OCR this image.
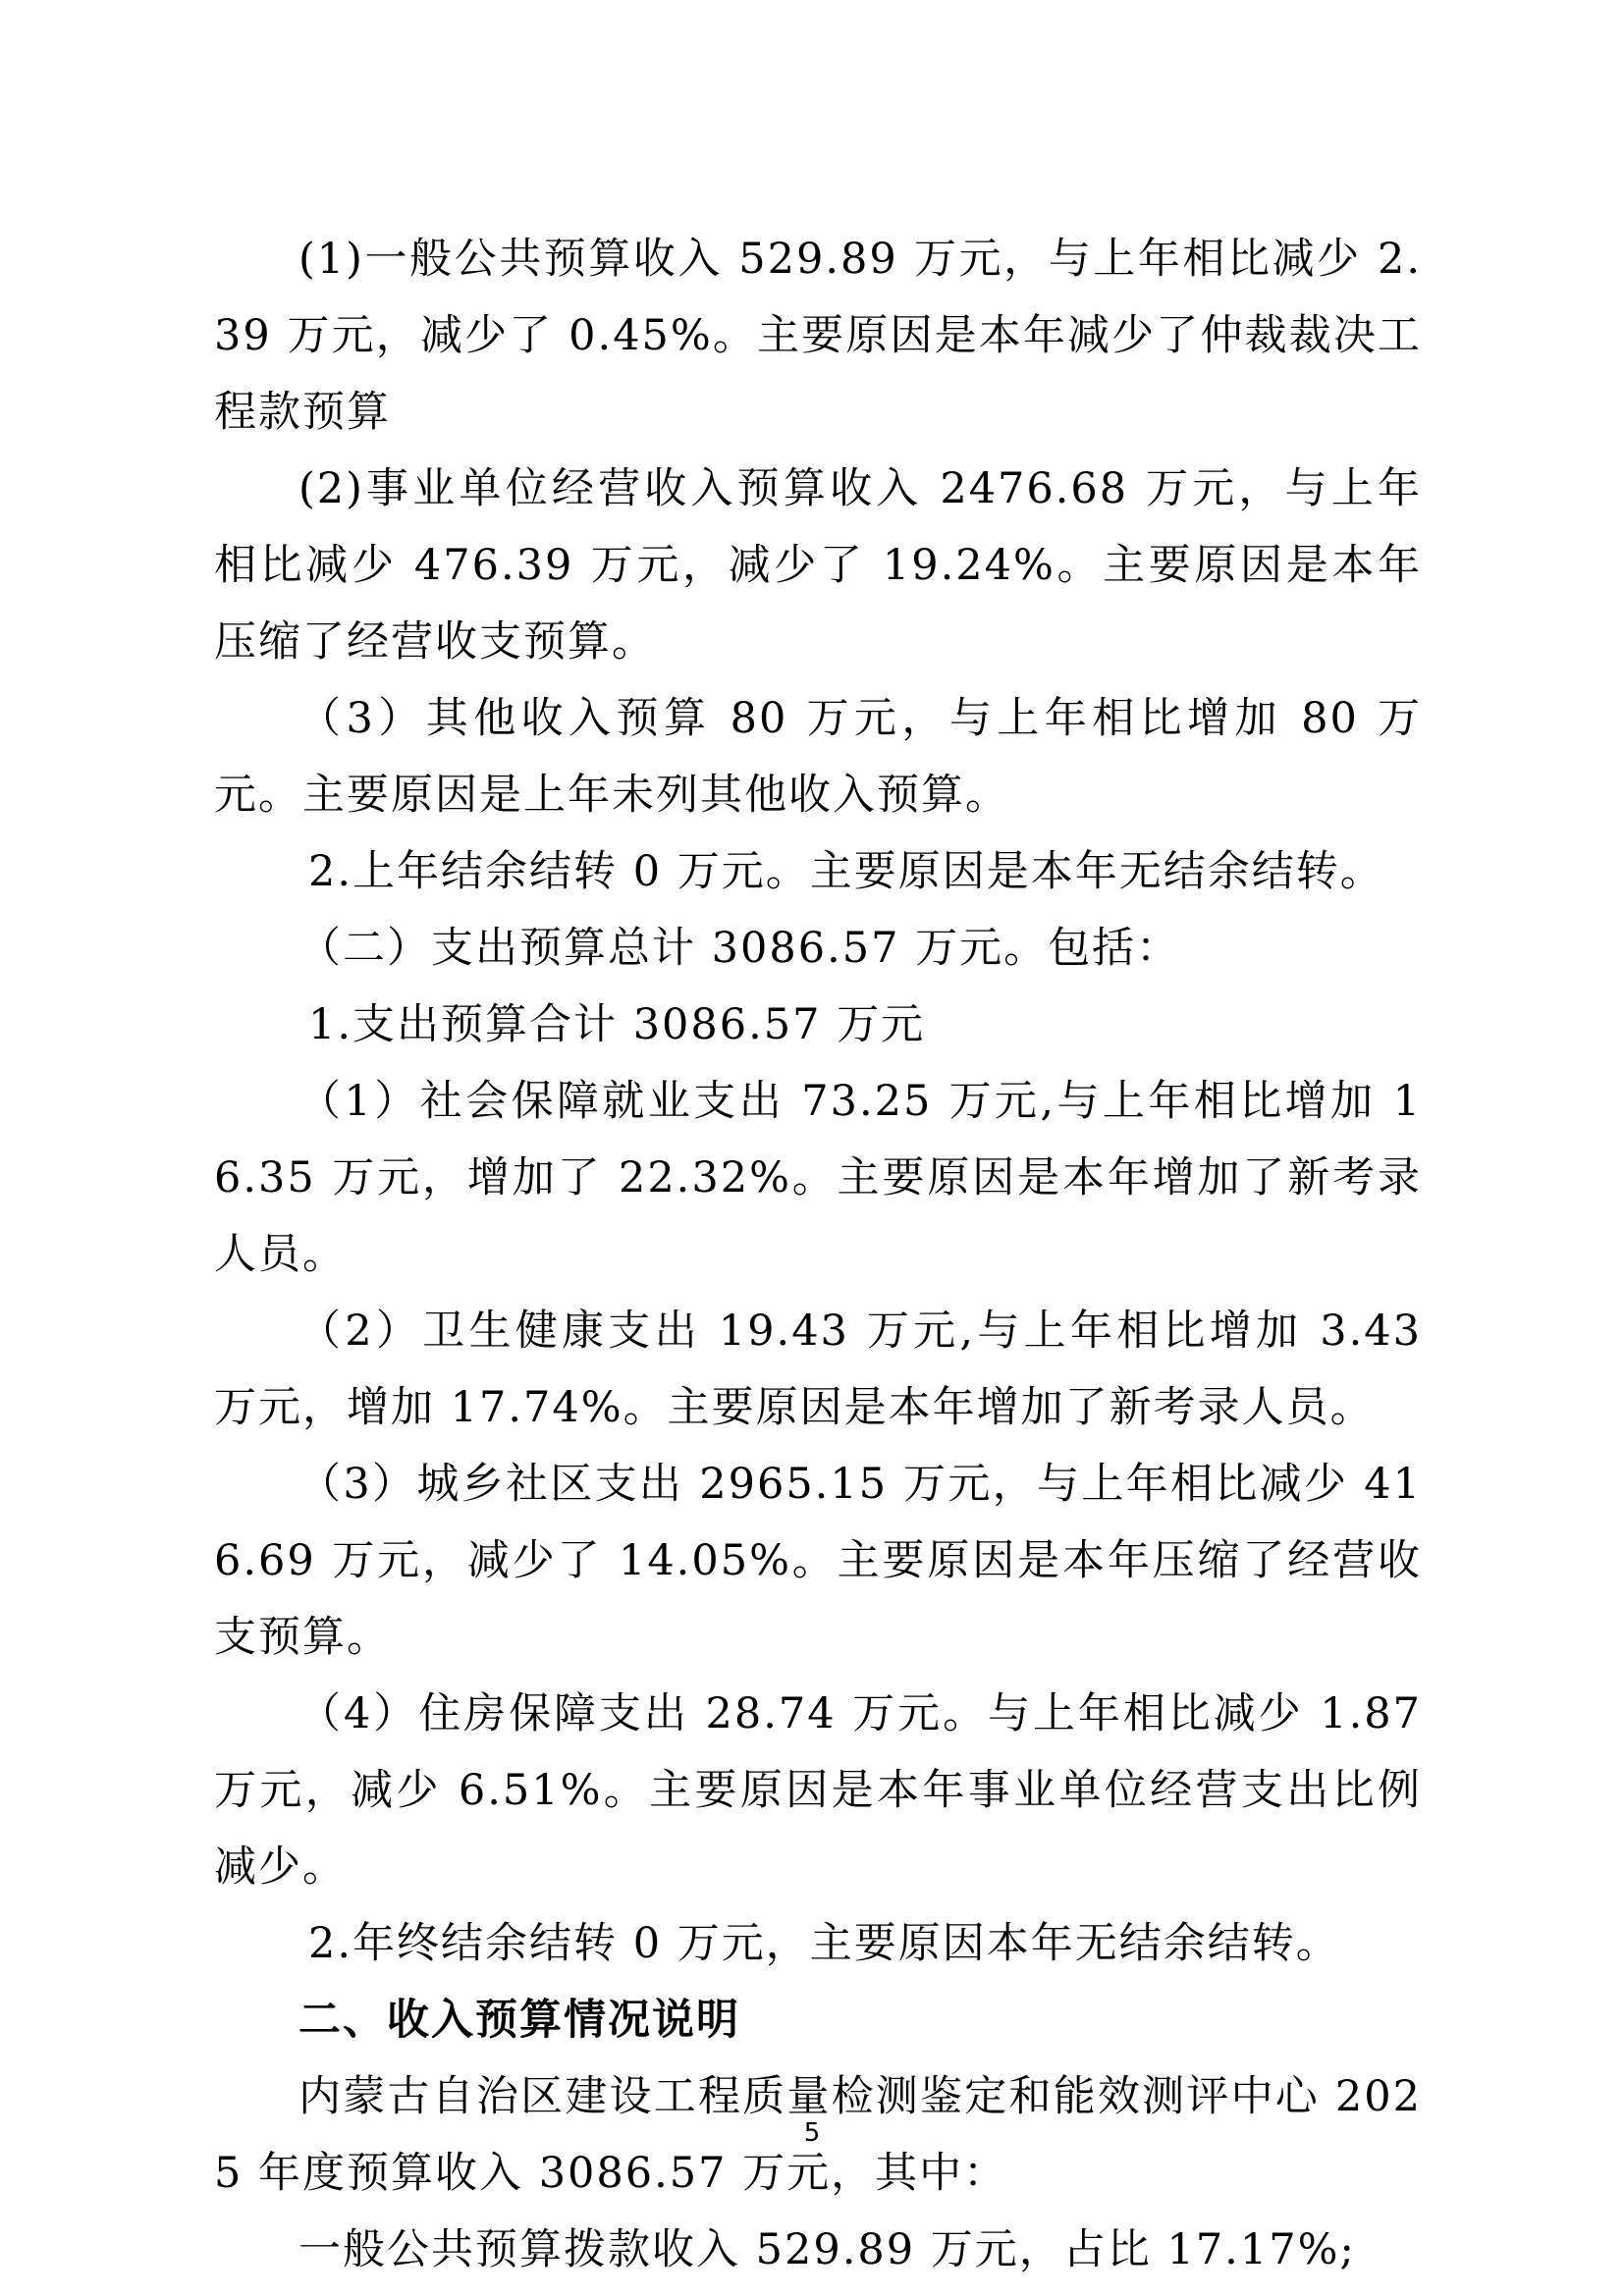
(1)一般公共预算收入 529.89 万元，与上年相比减少 2.39 万元，减少了 0.45%。主要原因是本年减少了仲裁裁决工程款预算

(2)事业单位经营收入预算收入 2476.68 万元，与上年相比减少 476.39 万元，减少了 19.24%。主要原因是本年压缩了经营收支预算。

（3）其他收入预算 80 万元，与上年相比增加 80 万元。主要原因是上年未列其他收入预算。

2.上年结余结转 0 万元。主要原因是本年无结余结转。

（二）支出预算总计 3086.57 万元。包括：

1.支出预算合计 3086.57 万元

（1）社会保障就业支出 73.25 万元,与上年相比增加 16.35 万元，增加了 22.32%。主要原因是本年增加了新考录人员。

（2）卫生健康支出 19.43 万元,与上年相比增加 3.43 万元，增加 17.74%。主要原因是本年增加了新考录人员。

（3）城乡社区支出 2965.15 万元，与上年相比减少 416.69 万元，减少了 14.05%。主要原因是本年压缩了经营收支预算。

（4）住房保障支出 28.74 万元。与上年相比减少 1.87 万元，减少 6.51%。主要原因是本年事业单位经营支出比例减少。

2.年终结余结转 0 万元，主要原因本年无结余结转。

二、收入预算情况说明

内蒙古自治区建设工程质量检测鉴定和能效测评中心 2025 年度预算收入 3086.57 万元，其中：

一般公共预算拨款收入 529.89 万元，占比 17.17%;

5
